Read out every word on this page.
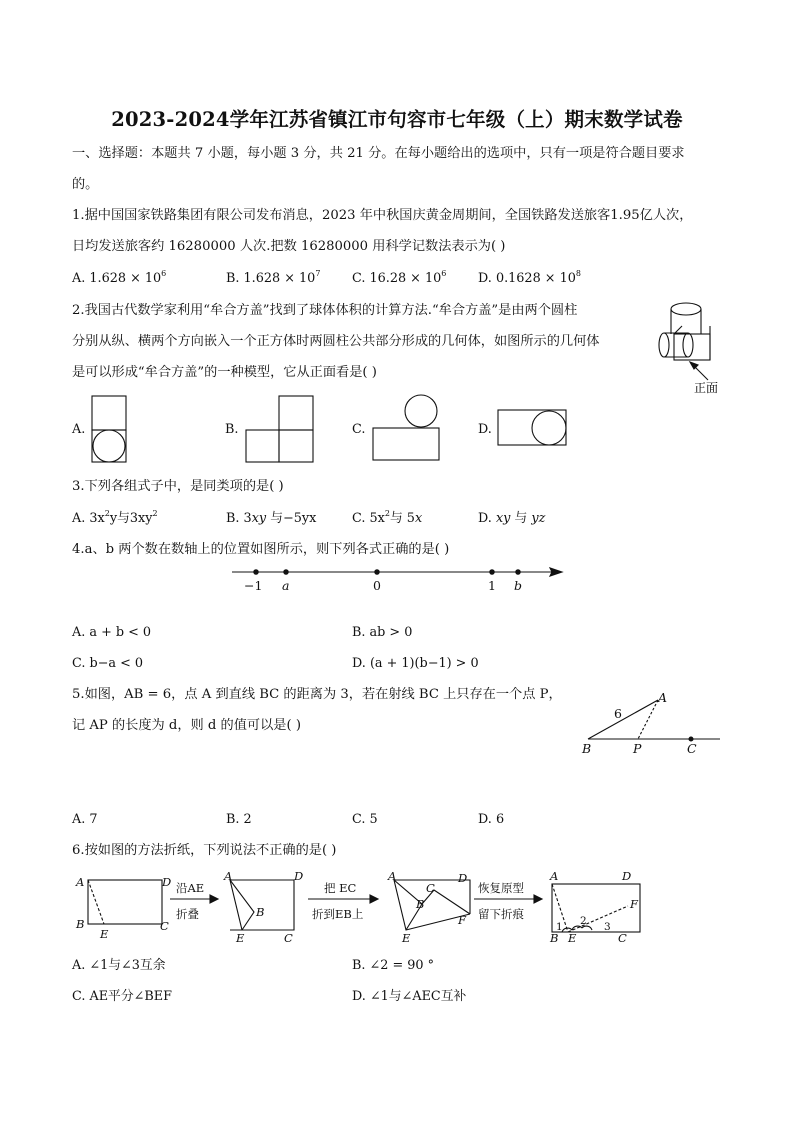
2023-2024学年江苏省镇江市句容市七年级（上）期末数学试卷
一、选择题：本题共 7 小题，每小题 3 分，共 21 分。在每小题给出的选项中，只有一项是符合题目要求
的。
1.据中国国家铁路集团有限公司发布消息，2023 年中秋国庆黄金周期间，全国铁路发送旅客1.95亿人次，
日均发送旅客约 16280000 人次.把数 16280000 用科学记数法表示为( )
A. $1.628 \times 10^6$	B. $1.628 \times 10^7$ C. $16.28 \times 10^6$ D. $0.1628 \times 10^8$
2.我国古代数学家利用“牟合方盖”找到了球体体积的计算方法.“牟合方盖”是由两个圆柱
分别从纵、横两个方向嵌入一个正方体时两圆柱公共部分形成的几何体，如图所示的几何体
是可以形成“牟合方盖”的一种模型，它从正面看是( )
正面
A.	B.	C.	D.
3.下列各组式子中，是同类项的是( )
A. $3x^2y$与$3xy^2$	B. 3xy 与−5yx	C. $5x^2$与 5x	D. xy 与 yz
4.a、b 两个数在数轴上的位置如图所示，则下列各式正确的是( )
−1 a	0	1 b
A. a + b < 0	B. ab > 0
C. b−a < 0	D. (a + 1)(b−1) > 0
5.如图，AB = 6，点 A 到直线 BC 的距离为 3，若在射线 BC 上只存在一个点 P，
记 AP 的长度为 d，则 d 的值可以是( )
A
B	C
P
6
A. 7	B. 2	C. 5	D. 6
6.按如图的方法折纸，下列说法不正确的是( )
A	D
B
E
C
A	D
B
E	C
A	D
C
B
F
E
A	D
F
B E	C
1 2 3
沿AE
折叠
把 EC
折到EB上
恢复原型
留下折痕
A. ∠1与∠3互余	B. ∠2 = 90 °
C. AE平分∠BEF	D. ∠1与∠AEC互补
